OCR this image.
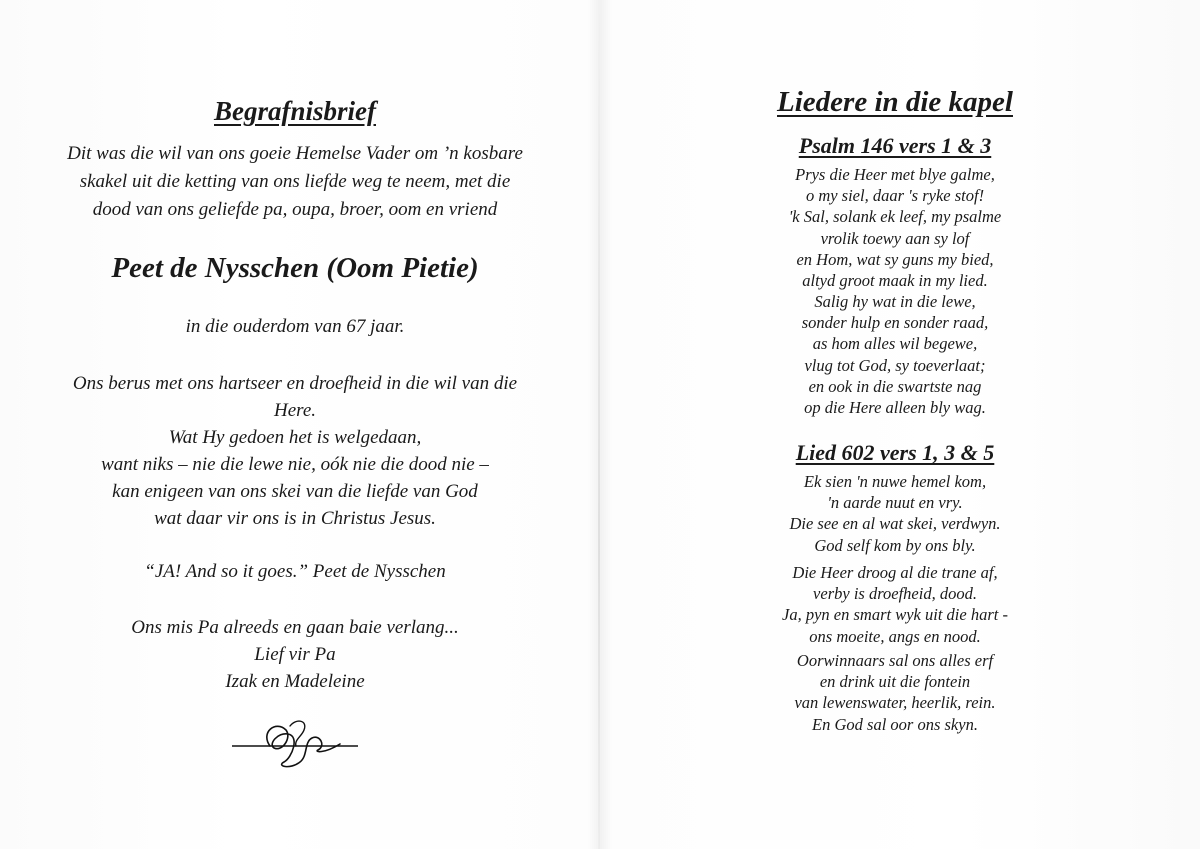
Begrafnisbrief
Dit was die wil van ons goeie Hemelse Vader om ’n kosbare
skakel uit die ketting van ons liefde weg te neem, met die
dood van ons geliefde pa, oupa, broer, oom en vriend
Peet de Nysschen (Oom Pietie)
in die ouderdom van 67 jaar.
Ons berus met ons hartseer en droefheid in die wil van die
Here.
Wat Hy gedoen het is welgedaan,
want niks – nie die lewe nie, oók nie die dood nie –
kan enigeen van ons skei van die liefde van God
wat daar vir ons is in Christus Jesus.
“JA! And so it goes.” Peet de Nysschen
Ons mis Pa alreeds en gaan baie verlang...
Lief vir Pa
Izak en Madeleine
Liedere in die kapel
Psalm 146 vers 1 & 3
Prys die Heer met blye galme,
o my siel, daar 's ryke stof!
'k Sal, solank ek leef, my psalme
vrolik toewy aan sy lof
en Hom, wat sy guns my bied,
altyd groot maak in my lied.
Salig hy wat in die lewe,
sonder hulp en sonder raad,
as hom alles wil begewe,
vlug tot God, sy toeverlaat;
en ook in die swartste nag
op die Here alleen bly wag.
Lied 602 vers 1, 3 & 5
Ek sien 'n nuwe hemel kom,
'n aarde nuut en vry.
Die see en al wat skei, verdwyn.
God self kom by ons bly.
Die Heer droog al die trane af,
verby is droefheid, dood.
Ja, pyn en smart wyk uit die hart -
ons moeite, angs en nood.
Oorwinnaars sal ons alles erf
en drink uit die fontein
van lewenswater, heerlik, rein.
En God sal oor ons skyn.
